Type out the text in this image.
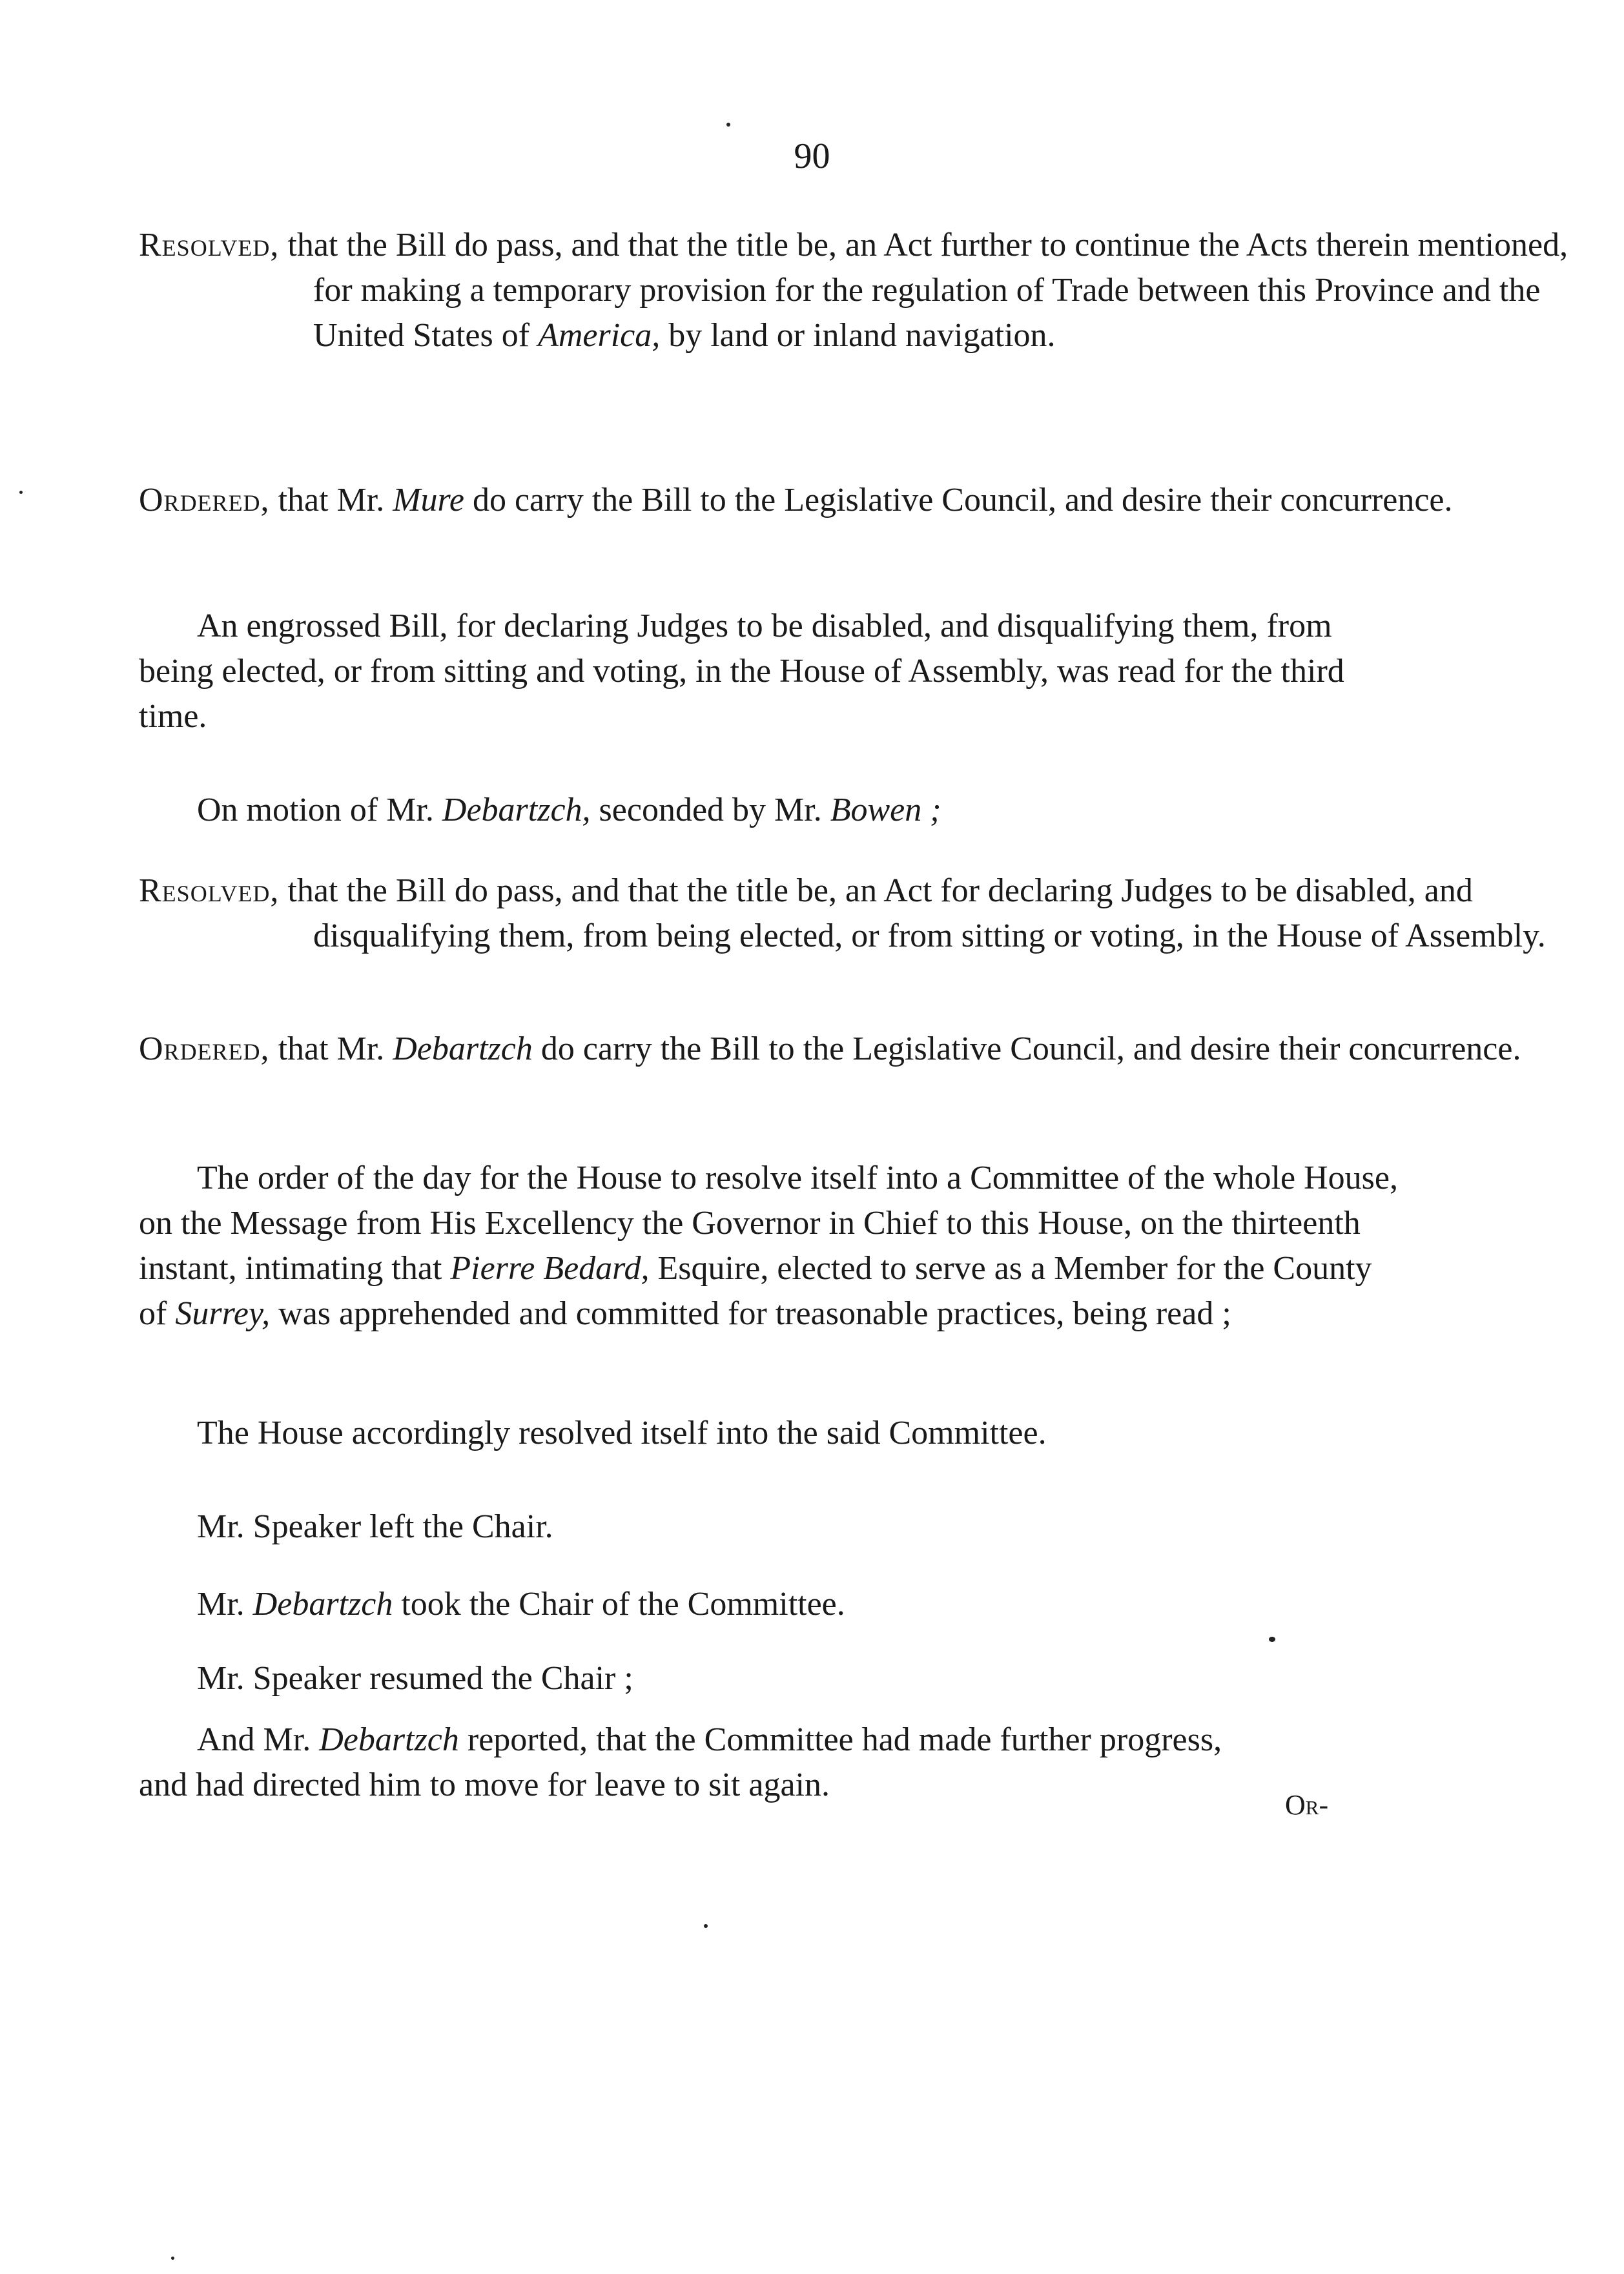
90
Resolved, that the Bill do pass, and that the title be, an Act further to continue the Acts therein mentioned, for making a temporary provision for the regulation of Trade between this Province and the United States of America, by land or inland navigation.
Ordered, that Mr. Mure do carry the Bill to the Legislative Council, and desire their concurrence.
An engrossed Bill, for declaring Judges to be disabled, and disqualifying them, from being elected, or from sitting and voting, in the House of Assembly, was read for the third time.
On motion of Mr. Debartzch, seconded by Mr. Bowen ;
Resolved, that the Bill do pass, and that the title be, an Act for declaring Judges to be disabled, and disqualifying them, from being elected, or from sitting or voting, in the House of Assembly.
Ordered, that Mr. Debartzch do carry the Bill to the Legislative Council, and desire their concurrence.
The order of the day for the House to resolve itself into a Committee of the whole House, on the Message from His Excellency the Governor in Chief to this House, on the thirteenth instant, intimating that Pierre Bedard, Esquire, elected to serve as a Member for the County of Surrey, was apprehended and committed for treasonable practices, being read ;
The House accordingly resolved itself into the said Committee.
Mr. Speaker left the Chair.
Mr. Debartzch took the Chair of the Committee.
Mr. Speaker resumed the Chair ;
And Mr. Debartzch reported, that the Committee had made further progress, and had directed him to move for leave to sit again.
Or-
